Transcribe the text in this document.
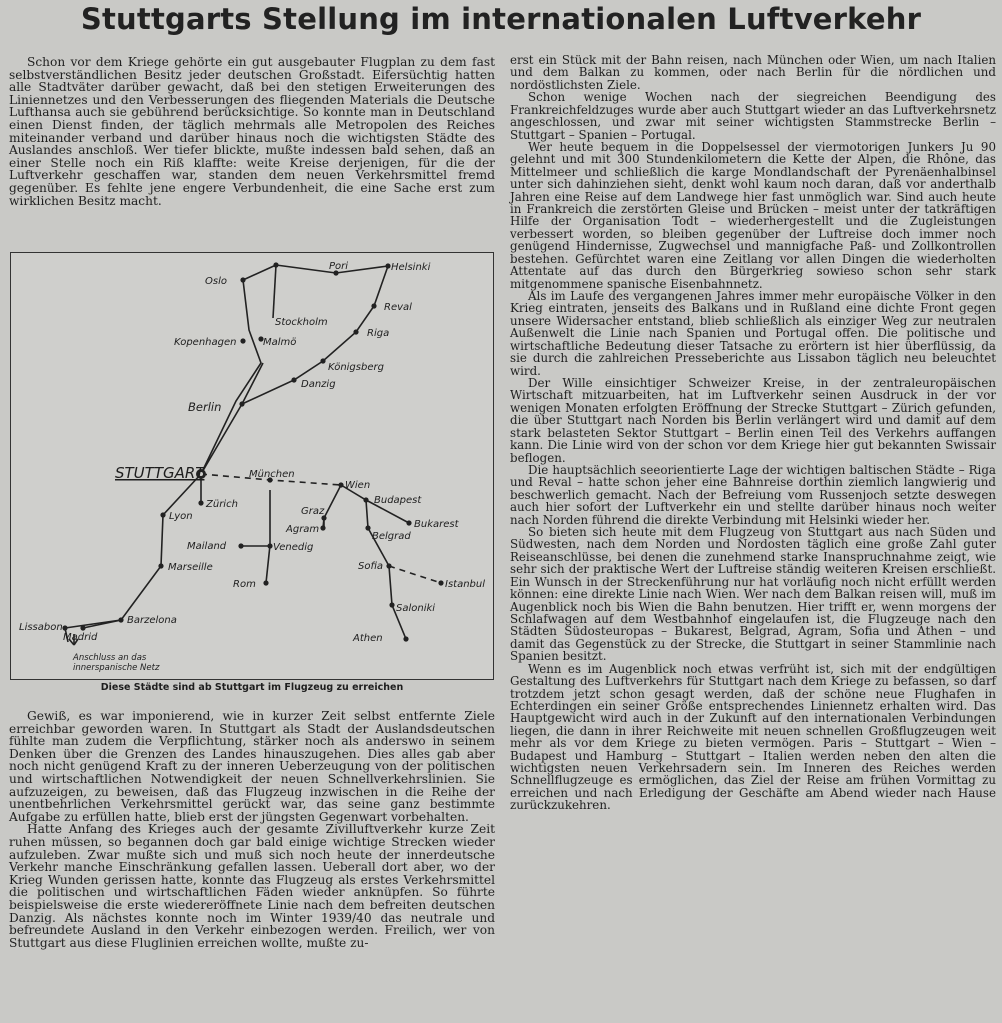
Stuttgarts Stellung im internationalen Luftverkehr

Schon vor dem Kriege gehörte ein gut ausgebauter Flugplan zu dem fast selbstverständlichen Besitz jeder deutschen Großstadt. Eifersüchtig hatten alle Stadtväter darüber gewacht, daß bei den stetigen Erweiterungen des Liniennetzes und den Verbesserungen des fliegenden Materials die Deutsche Lufthansa auch sie gebührend berücksichtige. So konnte man in Deutschland einen Dienst finden, der täglich mehrmals alle Metropolen des Reiches miteinander verband und darüber hinaus noch die wichtigsten Städte des Auslandes anschloß. Wer tiefer blickte, mußte indessen bald sehen, daß an einer Stelle noch ein Riß klaffte: weite Kreise derjenigen, für die der Luftverkehr geschaffen war, standen dem neuen Verkehrsmittel fremd gegenüber. Es fehlte jene engere Verbundenheit, die eine Sache erst zum wirklichen Besitz macht.

Oslo
Stockholm
Pori	Helsinki
Reval
Riga
Kopenhagen	Malmö
Königsberg
Danzig
Berlin
STUTTGART	München
Wien
Zürich	Budapest
Graz
Agram	Bukarest
Lyon
Belgrad
Mailand	Venedig
Sofia
Istanbul
Rom
Marseille
Saloniki
Barzelona
Athen
Lissabon
Madrid
Anschluss an das
innerspanische Netz
Diese Städte sind ab Stuttgart im Flugzeug zu erreichen

Gewiß, es war imponierend, wie in kurzer Zeit selbst entfernte Ziele erreichbar geworden waren. In Stuttgart als Stadt der Auslandsdeutschen fühlte man zudem die Verpflichtung, stärker noch als anderswo in seinem Denken über die Grenzen des Landes hinauszugehen. Dies alles gab aber noch nicht genügend Kraft zu der inneren Ueberzeugung von der politischen und wirtschaftlichen Notwendigkeit der neuen Schnellverkehrslinien. Sie aufzuzeigen, zu beweisen, daß das Flugzeug inzwischen in die Reihe der unentbehrlichen Verkehrsmittel gerückt war, das seine ganz bestimmte Aufgabe zu erfüllen hatte, blieb erst der jüngsten Gegenwart vorbehalten.

Hatte Anfang des Krieges auch der gesamte Zivilluftverkehr kurze Zeit ruhen müssen, so begannen doch gar bald einige wichtige Strecken wieder aufzuleben. Zwar mußte sich und muß sich noch heute der innerdeutsche Verkehr manche Einschränkung gefallen lassen. Ueberall dort aber, wo der Krieg Wunden gerissen hatte, konnte das Flugzeug als erstes Verkehrsmittel die politischen und wirtschaftlichen Fäden wieder anknüpfen. So führte beispielsweise die erste wiedereröffnete Linie nach dem befreiten deutschen Danzig. Als nächstes konnte noch im Winter 1939/40 das neutrale und befreundete Ausland in den Verkehr einbezogen werden. Freilich, wer von Stuttgart aus diese Fluglinien erreichen wollte, mußte zu-

erst ein Stück mit der Bahn reisen, nach München oder Wien, um nach Italien und dem Balkan zu kommen, oder nach Berlin für die nördlichen und nordöstlichsten Ziele.

Schon wenige Wochen nach der siegreichen Beendigung des Frankreichfeldzuges wurde aber auch Stuttgart wieder an das Luftverkehrsnetz angeschlossen, und zwar mit seiner wichtigsten Stammstrecke Berlin – Stuttgart – Spanien – Portugal.

Wer heute bequem in die Doppelsessel der viermotorigen Junkers Ju 90 gelehnt und mit 300 Stundenkilometern die Kette der Alpen, die Rhône, das Mittelmeer und schließlich die karge Mondlandschaft der Pyrenäenhalbinsel unter sich dahinziehen sieht, denkt wohl kaum noch daran, daß vor anderthalb Jahren eine Reise auf dem Landwege hier fast unmöglich war. Sind auch heute in Frankreich die zerstörten Gleise und Brücken – meist unter der tatkräftigen Hilfe der Organisation Todt – wiederhergestellt und die Zugleistungen verbessert worden, so bleiben gegenüber der Luftreise doch immer noch genügend Hindernisse, Zugwechsel und mannigfache Paß- und Zollkontrollen bestehen. Gefürchtet waren eine Zeitlang vor allen Dingen die wiederholten Attentate auf das durch den Bürgerkrieg sowieso schon sehr stark mitgenommene spanische Eisenbahnnetz.

Als im Laufe des vergangenen Jahres immer mehr europäische Völker in den Krieg eintraten, jenseits des Balkans und in Rußland eine dichte Front gegen unsere Widersacher entstand, blieb schließlich als einziger Weg zur neutralen Außenwelt die Linie nach Spanien und Portugal offen. Die politische und wirtschaftliche Bedeutung dieser Tatsache zu erörtern ist hier überflüssig, da sie durch die zahlreichen Presseberichte aus Lissabon täglich neu beleuchtet wird.

Der Wille einsichtiger Schweizer Kreise, in der zentraleuropäischen Wirtschaft mitzuarbeiten, hat im Luftverkehr seinen Ausdruck in der vor wenigen Monaten erfolgten Eröffnung der Strecke Stuttgart – Zürich gefunden, die über Stuttgart nach Norden bis Berlin verlängert wird und damit auf dem stark belasteten Sektor Stuttgart – Berlin einen Teil des Verkehrs auffangen kann. Die Linie wird von der schon vor dem Kriege hier gut bekannten Swissair beflogen.

Die hauptsächlich seeorientierte Lage der wichtigen baltischen Städte – Riga und Reval – hatte schon jeher eine Bahnreise dorthin ziemlich langwierig und beschwerlich gemacht. Nach der Befreiung vom Russenjoch setzte deswegen auch hier sofort der Luftverkehr ein und stellte darüber hinaus noch weiter nach Norden führend die direkte Verbindung mit Helsinki wieder her.

So bieten sich heute mit dem Flugzeug von Stuttgart aus nach Süden und Südwesten, nach dem Norden und Nordosten täglich eine große Zahl guter Reiseanschlüsse, bei denen die zunehmend starke Inanspruchnahme zeigt, wie sehr sich der praktische Wert der Luftreise ständig weiteren Kreisen erschließt. Ein Wunsch in der Streckenführung nur hat vorläufig noch nicht erfüllt werden können: eine direkte Linie nach Wien. Wer nach dem Balkan reisen will, muß im Augenblick noch bis Wien die Bahn benutzen. Hier trifft er, wenn morgens der Schlafwagen auf dem Westbahnhof eingelaufen ist, die Flugzeuge nach den Städten Südosteuropas – Bukarest, Belgrad, Agram, Sofia und Athen – und damit das Gegenstück zu der Strecke, die Stuttgart in seiner Stammlinie nach Spanien besitzt.

Wenn es im Augenblick noch etwas verfrüht ist, sich mit der endgültigen Gestaltung des Luftverkehrs für Stuttgart nach dem Kriege zu befassen, so darf trotzdem jetzt schon gesagt werden, daß der schöne neue Flughafen in Echterdingen ein seiner Größe entsprechendes Liniennetz erhalten wird. Das Hauptgewicht wird auch in der Zukunft auf den internationalen Verbindungen liegen, die dann in ihrer Reichweite mit neuen schnellen Großflugzeugen weit mehr als vor dem Kriege zu bieten vermögen. Paris – Stuttgart – Wien – Budapest und Hamburg – Stuttgart – Italien werden neben den alten die wichtigsten neuen Verkehrsadern sein. Im Inneren des Reiches werden Schnellflugzeuge es ermöglichen, das Ziel der Reise am frühen Vormittag zu erreichen und nach Erledigung der Geschäfte am Abend wieder nach Hause zurückzukehren.
